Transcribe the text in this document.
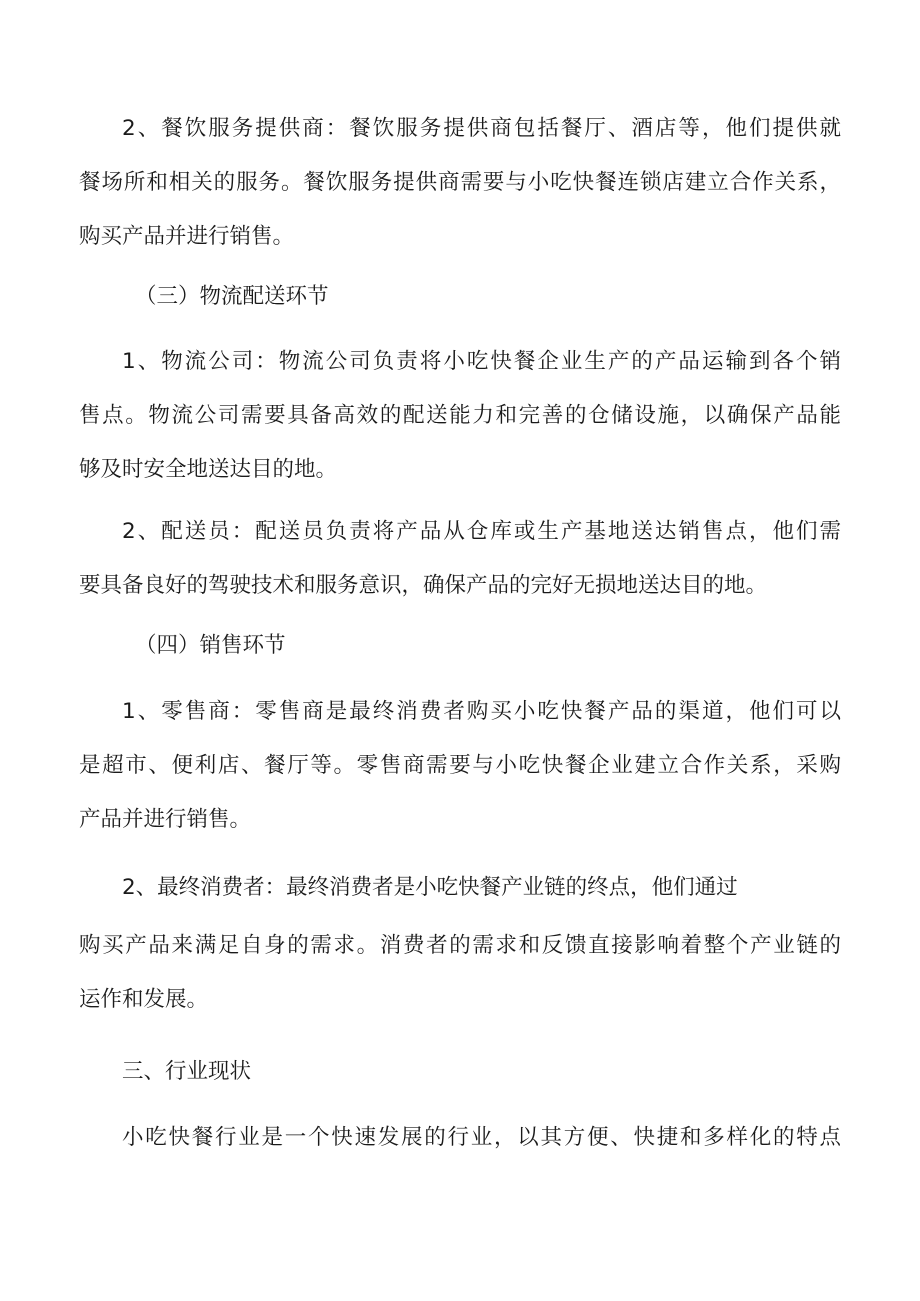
2、餐饮服务提供商：餐饮服务提供商包括餐厅、酒店等，他们提供就
餐场所和相关的服务。餐饮服务提供商需要与小吃快餐连锁店建立合作关系，
购买产品并进行销售。
（三）物流配送环节
1、物流公司：物流公司负责将小吃快餐企业生产的产品运输到各个销
售点。物流公司需要具备高效的配送能力和完善的仓储设施，以确保产品能
够及时安全地送达目的地。
2、配送员：配送员负责将产品从仓库或生产基地送达销售点，他们需
要具备良好的驾驶技术和服务意识，确保产品的完好无损地送达目的地。
（四）销售环节
1、零售商：零售商是最终消费者购买小吃快餐产品的渠道，他们可以
是超市、便利店、餐厅等。零售商需要与小吃快餐企业建立合作关系，采购
产品并进行销售。
2、最终消费者：最终消费者是小吃快餐产业链的终点，他们通过
购买产品来满足自身的需求。消费者的需求和反馈直接影响着整个产业链的
运作和发展。
三、行业现状
小吃快餐行业是一个快速发展的行业，以其方便、快捷和多样化的特点
